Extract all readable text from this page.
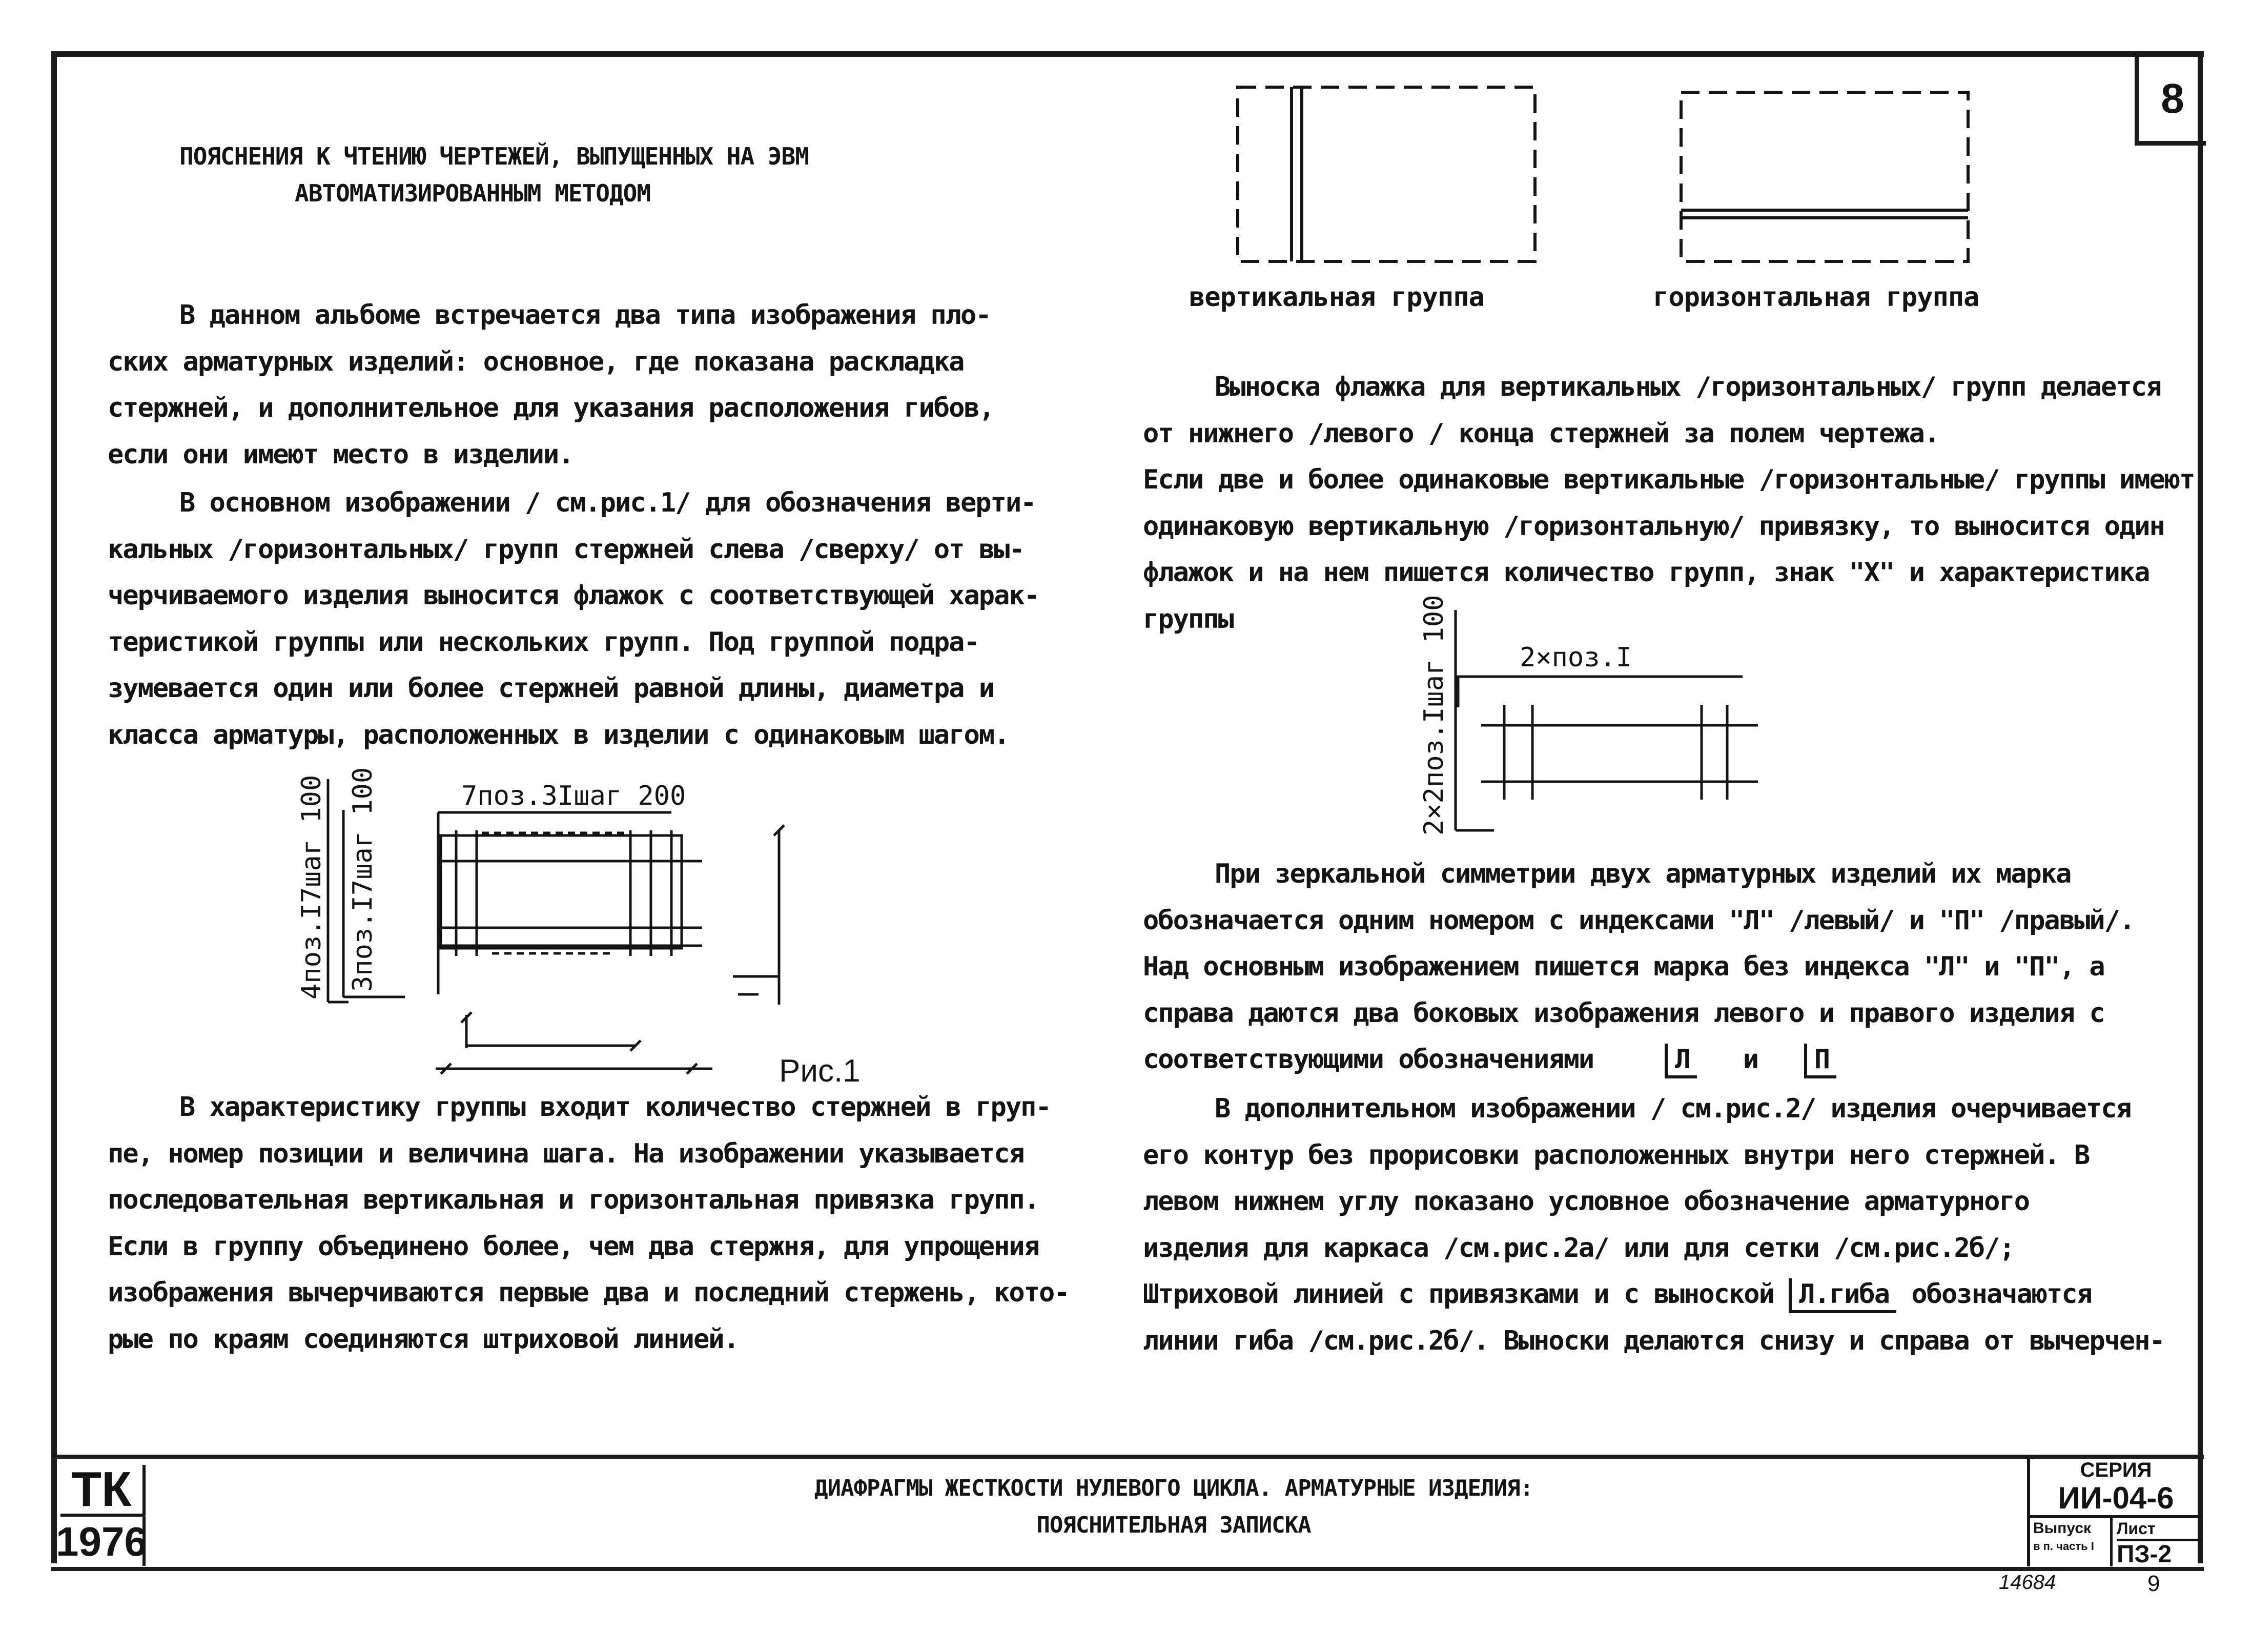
8
ПОЯСНЕНИЯ К ЧТЕНИЮ ЧЕРТЕЖЕЙ, ВЫПУЩЕННЫХ НА ЭВМ
АВТОМАТИЗИРОВАННЫМ МЕТОДОМ
В данном альбоме встречается два типа изображения пло-
ских арматурных изделий: основное, где показана раскладка
стержней, и дополнительное для указания расположения гибов,
если они имеют место в изделии.
В основном изображении / см.рис.1/ для обозначения верти-
кальных /горизонтальных/ групп стержней слева /сверху/ от вы-
черчиваемого изделия выносится флажок с соответствующей харак-
теристикой группы или нескольких групп. Под группой подра-
зумевается один или более стержней равной длины, диаметра и
класса арматуры, расположенных в изделии с одинаковым шагом.
7поз.3Iшаг 200
4поз.I7шаг 100 3поз.I7шаг 100
Рис.1
В характеристику группы входит количество стержней в груп-
пе, номер позиции и величина шага. На изображении указывается
последовательная вертикальная и горизонтальная привязка групп.
Если в группу объединено более, чем два стержня, для упрощения
изображения вычерчиваются первые два и последний стержень, кото-
рые по краям соединяются штриховой линией.
вертикальная группа	горизонтальная группа
Выноска флажка для вертикальных /горизонтальных/ групп делается
от нижнего /левого / конца стержней за полем чертежа.
Если две и более одинаковые вертикальные /горизонтальные/ группы имеют
одинаковую вертикальную /горизонтальную/ привязку, то выносится один
флажок и на нем пишется количество групп, знак "Х" и характеристика
группы
2×поз.I
2×2поз.Iшаг 100
При зеркальной симметрии двух арматурных изделий их марка
обозначается одним номером с индексами "Л" /левый/ и "П" /правый/.
Над основным изображением пишется марка без индекса "Л" и "П", а
справа даются два боковых изображения левого и правого изделия с
соответствующими обозначениями	Л и П
В дополнительном изображении / см.рис.2/ изделия очерчивается
его контур без прорисовки расположенных внутри него стержней. В
левом нижнем углу показано условное обозначение арматурного
изделия для каркаса /см.рис.2а/ или для сетки /см.рис.2б/;
Штриховой линией с привязками и с выноской Л.гиба обозначаются
линии гиба /см.рис.2б/. Выноски делаются снизу и справа от вычерчен-
ТК
1976
ДИАФРАГМЫ ЖЕСТКОСТИ НУЛЕВОГО ЦИКЛА. АРМАТУРНЫЕ ИЗДЕЛИЯ:
ПОЯСНИТЕЛЬНАЯ ЗАПИСКА
СЕРИЯ
ИИ-04-6
Выпуск
в п. часть I
Лист
ПЗ-2
14684	9
